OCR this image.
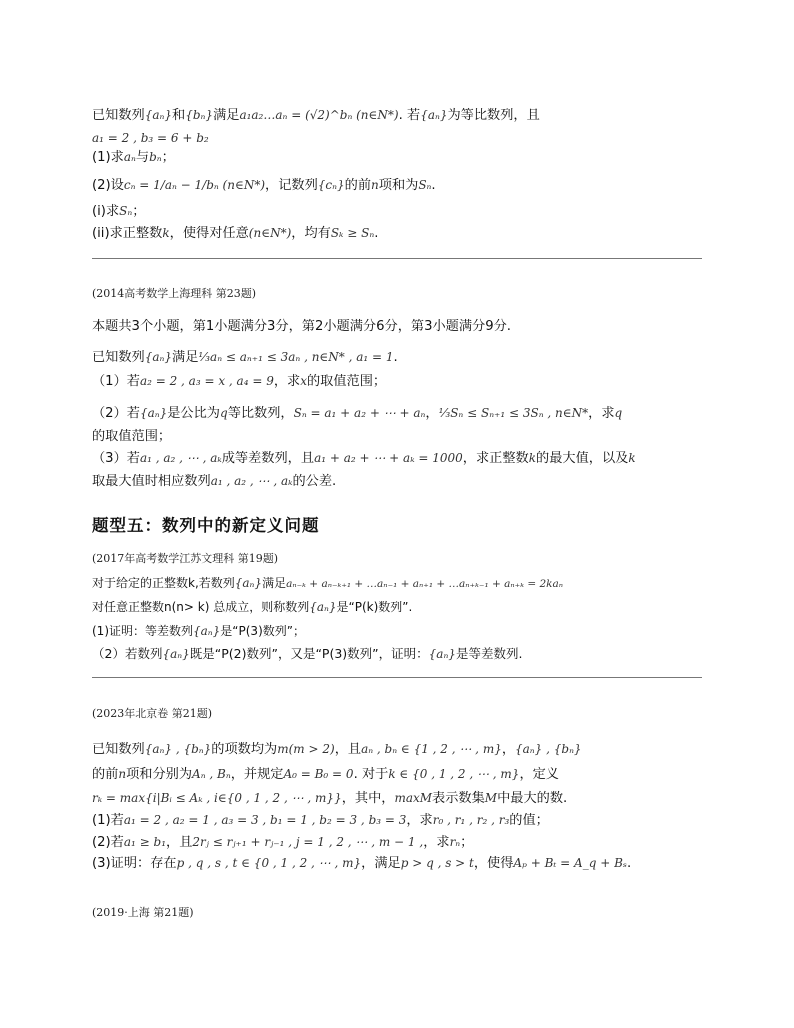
已知数列{aₙ}和{bₙ}满足a₁a₂…aₙ = (√2)^bₙ (n∈N*). 若{aₙ}为等比数列，且
a₁ = 2 , b₃ = 6 + b₂
(1)求aₙ与bₙ；
(2)设cₙ = 1/aₙ − 1/bₙ (n∈N*)，记数列{cₙ}的前n项和为Sₙ.
(i)求Sₙ；
(ii)求正整数k，使得对任意(n∈N*)，均有Sₖ ≥ Sₙ.
(2014高考数学上海理科 第23题)
本题共3个小题，第1小题满分3分，第2小题满分6分，第3小题满分9分.
已知数列{aₙ}满足⅓aₙ ≤ aₙ₊₁ ≤ 3aₙ , n∈N* , a₁ = 1.
（1）若a₂ = 2 , a₃ = x , a₄ = 9，求x的取值范围；
（2）若{aₙ}是公比为q等比数列，Sₙ = a₁ + a₂ + ⋯ + aₙ，⅓Sₙ ≤ Sₙ₊₁ ≤ 3Sₙ , n∈N*，求q
的取值范围；
（3）若a₁ , a₂ , ⋯ , aₖ成等差数列，且a₁ + a₂ + ⋯ + aₖ = 1000，求正整数k的最大值，以及k
取最大值时相应数列a₁ , a₂ , ⋯ , aₖ的公差.
题型五：数列中的新定义问题
(2017年高考数学江苏文理科 第19题)
对于给定的正整数k,若数列{aₙ}满足aₙ₋ₖ + aₙ₋ₖ₊₁ + …aₙ₋₁ + aₙ₊₁ + …aₙ₊ₖ₋₁ + aₙ₊ₖ = 2kaₙ
对任意正整数n(n> k) 总成立，则称数列{aₙ}是“P(k)数列”.
(1)证明：等差数列{aₙ}是“P(3)数列”；
（2）若数列{aₙ}既是“P(2)数列”，又是“P(3)数列”，证明：{aₙ}是等差数列.
(2023年北京卷 第21题)
已知数列{aₙ} , {bₙ}的项数均为m(m > 2)，且aₙ , bₙ ∈ {1 , 2 , ⋯ , m}，{aₙ} , {bₙ}
的前n项和分别为Aₙ , Bₙ，并规定A₀ = B₀ = 0. 对于k ∈ {0 , 1 , 2 , ⋯ , m}，定义
rₖ = max{i|Bᵢ ≤ Aₖ , i∈{0 , 1 , 2 , ⋯ , m}}，其中，maxM表示数集M中最大的数.
(1)若a₁ = 2 , a₂ = 1 , a₃ = 3 , b₁ = 1 , b₂ = 3 , b₃ = 3，求r₀ , r₁ , r₂ , r₃的值；
(2)若a₁ ≥ b₁，且2rⱼ ≤ rⱼ₊₁ + rⱼ₋₁ , j = 1 , 2 , ⋯ , m − 1 ,，求rₙ；
(3)证明：存在p , q , s , t ∈ {0 , 1 , 2 , ⋯ , m}，满足p > q , s > t，使得Aₚ + Bₜ = A_q + Bₛ.
(2019·上海 第21题)
